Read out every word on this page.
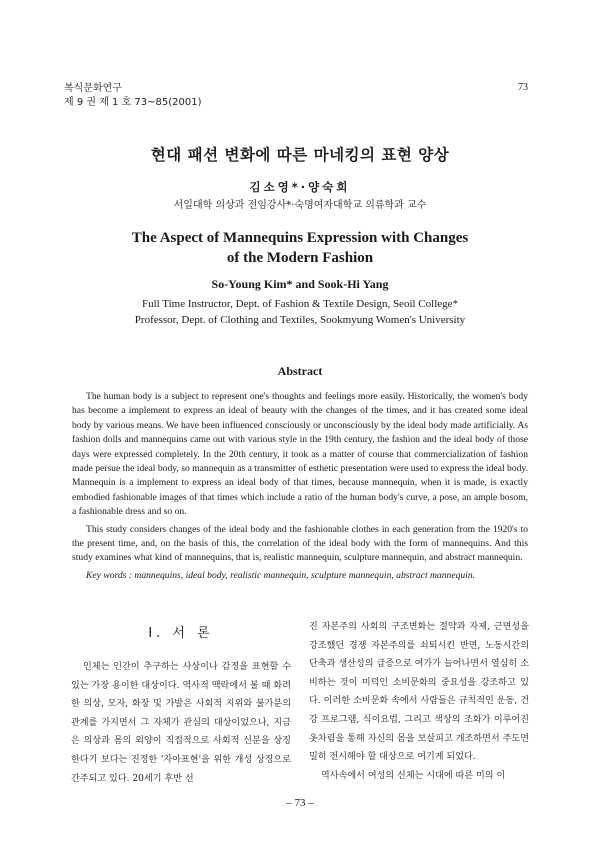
복식문화연구
제 9 권 제 1 호 73~85(2001)
73
현대 패션 변화에 따른 마네킹의 표현 양상
김소영*·양숙희
서일대학 의상과 전임강사*·숙명여자대학교 의류학과 교수
The Aspect of Mannequins Expression with Changes
of the Modern Fashion
So-Young Kim* and Sook-Hi Yang
Full Time Instructor, Dept. of Fashion & Textile Design, Seoil College*
Professor, Dept. of Clothing and Textiles, Sookmyung Women's University
Abstract

The human body is a subject to represent one's thoughts and feelings more easily. Historically, the women's body has become a implement to express an ideal of beauty with the changes of the times, and it has created some ideal body by various means. We have been influenced consciously or unconsciously by the ideal body made artificially. As fashion dolls and mannequins came out with various style in the 19th century, the fashion and the ideal body of those days were expressed completely. In the 20th century, it took as a matter of course that commercialization of fashion made persue the ideal body, so mannequin as a transmitter of esthetic presentation were used to express the ideal body. Mannequin is a implement to express an ideal body of that times, because mannequin, when it is made, is exactly embodied fashionable images of that times which include a ratio of the human body's curve, a pose, an ample bosom, a fashionable dress and so on.

This study considers changes of the ideal body and the fashionable clothes in each generation from the 1920's to the present time, and, on the basis of this, the correlation of the ideal body with the form of mannequins. And this study examines what kind of mannequins, that is, realistic mannequin, sculpture mannequin, and abstract mannequin.

Key words : mannequins, ideal body, realistic mannequin, sculpture mannequin, abstract mannequin.
Ⅰ. 서 론

인체는 인간이 추구하는 사상이나 감정을 표현할 수 있는 가장 용이한 대상이다. 역사적 맥락에서 볼 때 화려한 의상, 모자, 화장 및 가발은 사회적 지위와 불가분의 관계를 가지면서 그 자체가 관심의 대상이었으나, 지금은 의상과 몸의 외양이 직접적으로 사회적 신분을 상징한다기 보다는 진정한 '자아표현'을 위한 개성 상징으로 간주되고 있다. 20세기 후반 선

진 자본주의 사회의 구조변화는 절약과 자제, 근면성을 강조했던 경쟁 자본주의를 쇠퇴시킨 반면, 노동시간의 단축과 생산성의 급증으로 여가가 늘어나면서 열심히 소비하는 것이 미덕인 소비문화의 중요성을 강조하고 있다. 이러한 소비문화 속에서 사람들은 규칙적인 운동, 건강 프로그램, 식이요법, 그리고 색상의 조화가 이루어진 옷차림을 통해 자신의 몸을 보살피고 개조하면서 주도면밀히 전시해야 할 대상으로 여기게 되었다.

역사속에서 여성의 신체는 시대에 따른 미의 이

– 73 –
